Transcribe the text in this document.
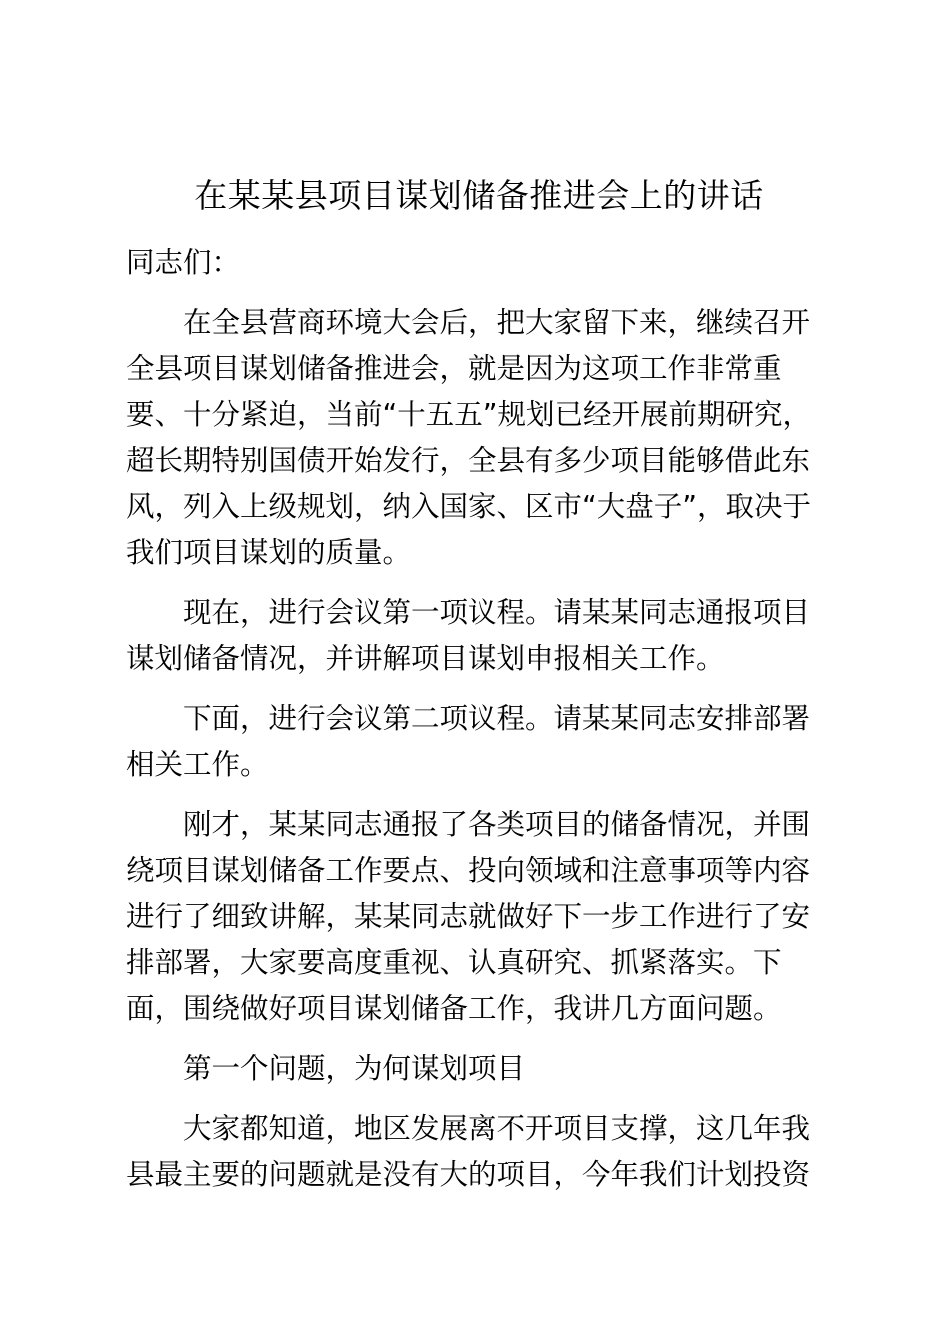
在某某县项目谋划储备推进会上的讲话
同志们：
在全县营商环境大会后，把大家留下来，继续召开
全县项目谋划储备推进会，就是因为这项工作非常重
要、十分紧迫，当前“十五五”规划已经开展前期研究，
超长期特别国债开始发行，全县有多少项目能够借此东
风，列入上级规划，纳入国家、区市“大盘子”，取决于
我们项目谋划的质量。
现在，进行会议第一项议程。请某某同志通报项目
谋划储备情况，并讲解项目谋划申报相关工作。
下面，进行会议第二项议程。请某某同志安排部署
相关工作。
刚才，某某同志通报了各类项目的储备情况，并围
绕项目谋划储备工作要点、投向领域和注意事项等内容
进行了细致讲解，某某同志就做好下一步工作进行了安
排部署，大家要高度重视、认真研究、抓紧落实。下
面，围绕做好项目谋划储备工作，我讲几方面问题。
第一个问题，为何谋划项目
大家都知道，地区发展离不开项目支撑，这几年我
县最主要的问题就是没有大的项目，今年我们计划投资
